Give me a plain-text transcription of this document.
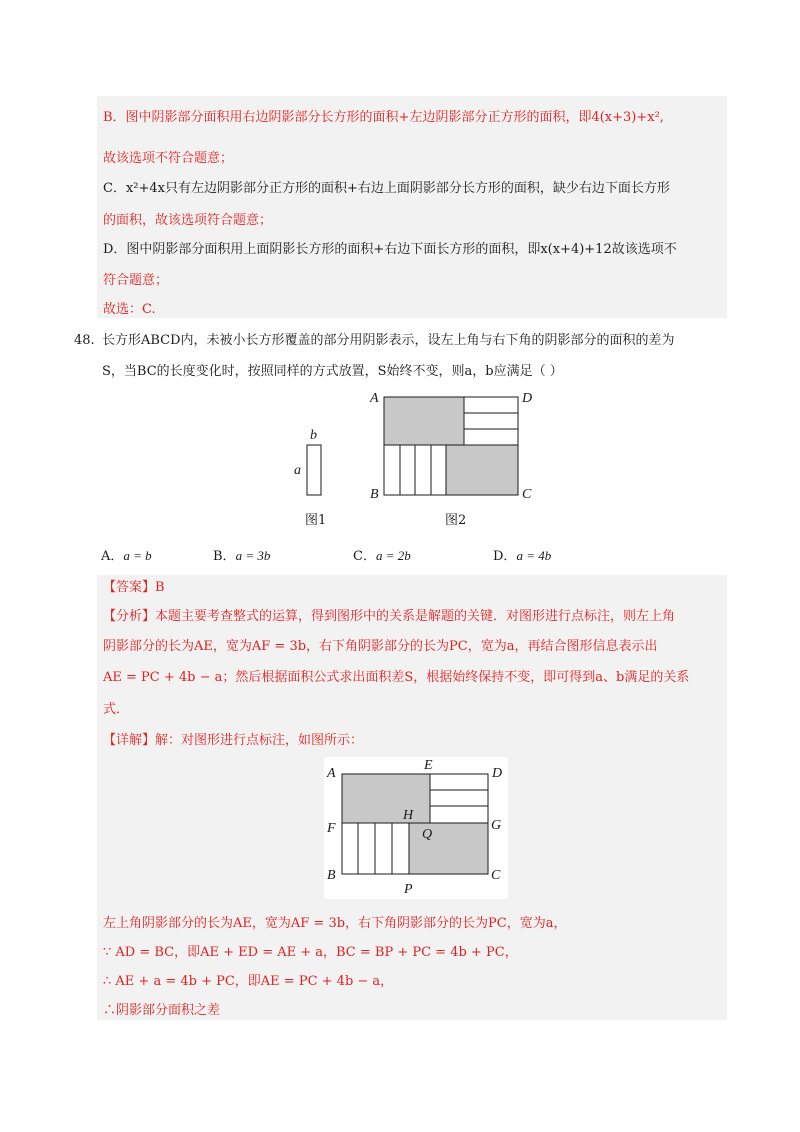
B．图中阴影部分面积用右边阴影部分长方形的面积+左边阴影部分正方形的面积，即4(x+3)+x²,
故该选项不符合题意；
C．x²+4x只有左边阴影部分正方形的面积+右边上面阴影部分长方形的面积，缺少右边下面长方形
的面积，故该选项符合题意；
D．图中阴影部分面积用上面阴影长方形的面积+右边下面长方形的面积，即x(x+4)+12故该选项不
符合题意；
故选：C.
48. 长方形ABCD内，未被小长方形覆盖的部分用阴影表示，设左上角与右下角的阴影部分的面积的差为
S，当BC的长度变化时，按照同样的方式放置，S始终不变，则a，b应满足（ ）
b
a
图1
A	D
B	C
图2
A．a = b	B．a = 3b	C．a = 2b	D．a = 4b
【答案】B
【分析】本题主要考查整式的运算，得到图形中的关系是解题的关键．对图形进行点标注，则左上角
阴影部分的长为AE，宽为AF = 3b，右下角阴影部分的长为PC，宽为a，再结合图形信息表示出
AE = PC + 4b − a；然后根据面积公式求出面积差S，根据始终保持不变，即可得到a、b满足的关系
式．
【详解】解：对图形进行点标注，如图所示：
A
E
D
F
H
Q
G
B
P
C
左上角阴影部分的长为AE，宽为AF = 3b，右下角阴影部分的长为PC，宽为a，
∵ AD = BC，即AE + ED = AE + a，BC = BP + PC = 4b + PC，
∴ AE + a = 4b + PC，即AE = PC + 4b − a，
∴阴影部分面积之差
